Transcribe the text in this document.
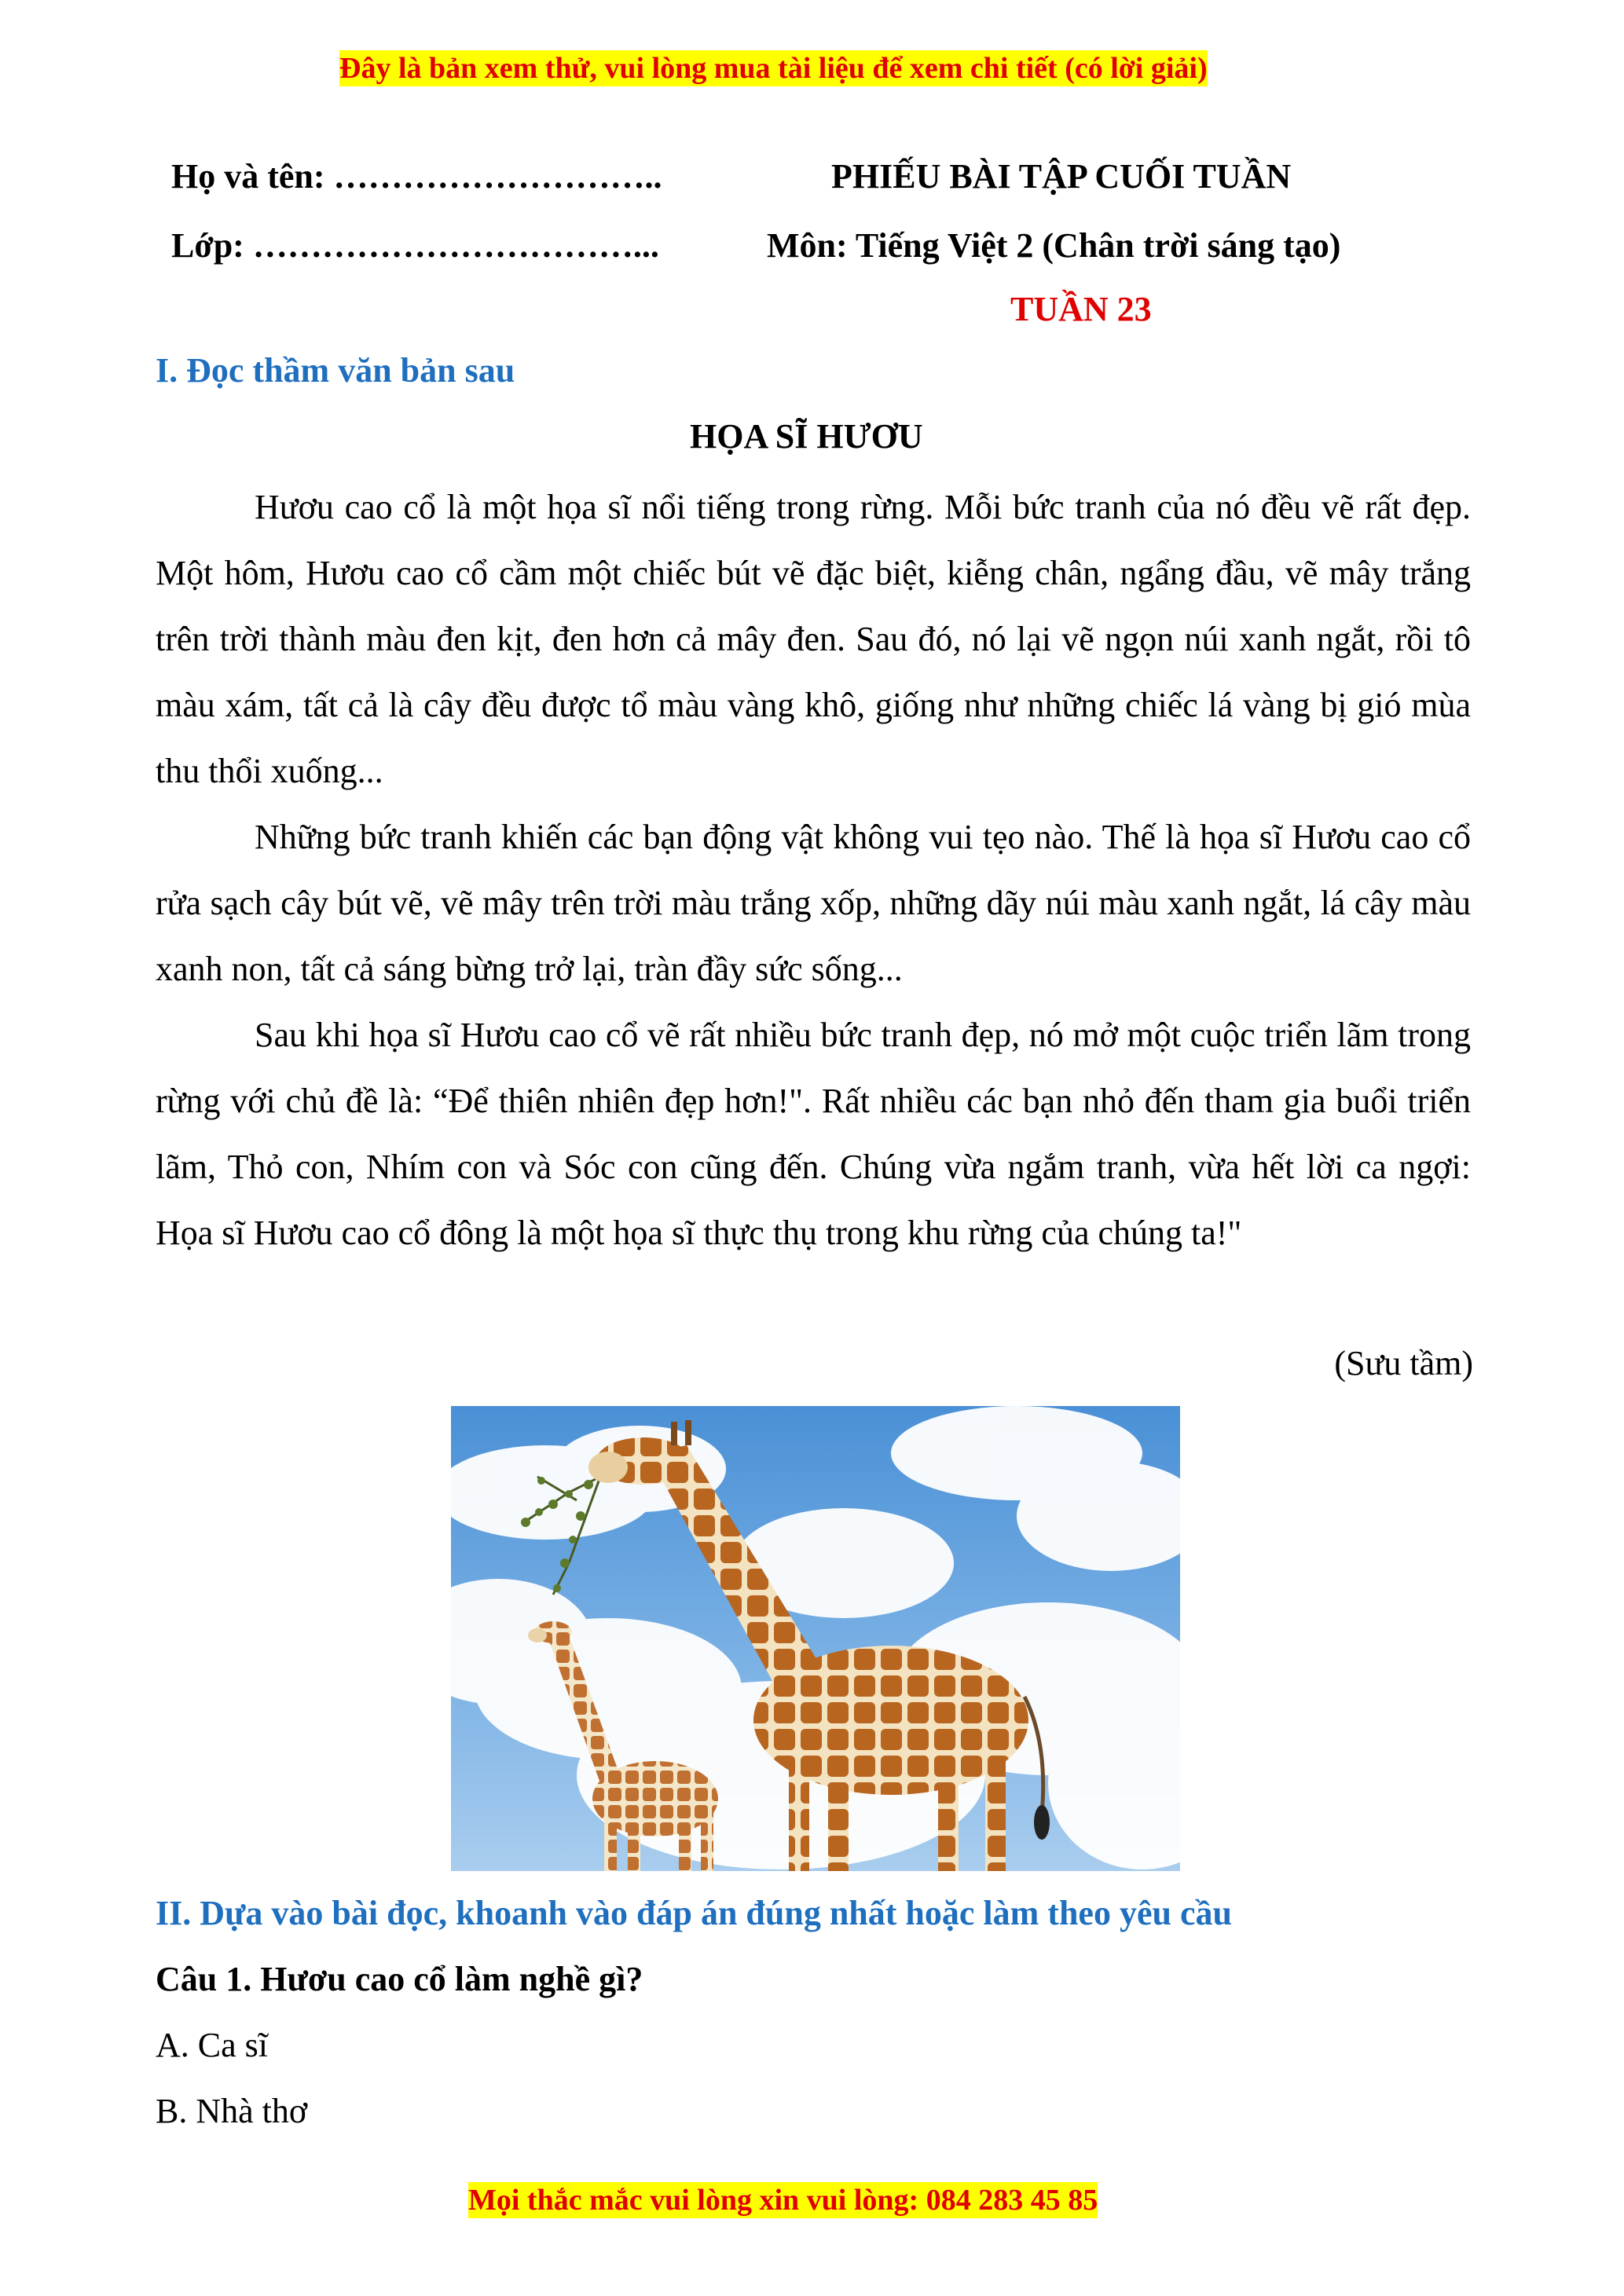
Đây là bản xem thử, vui lòng mua tài liệu để xem chi tiết (có lời giải)
Họ và tên: ………………………..	PHIẾU BÀI TẬP CUỐI TUẦN
Lớp: ……………………………...	Môn: Tiếng Việt 2 (Chân trời sáng tạo)
TUẦN 23
I. Đọc thầm văn bản sau
HỌA SĨ HƯƠU

Hươu cao cổ là một họa sĩ nổi tiếng trong rừng. Mỗi bức tranh của nó đều vẽ rất đẹp. Một hôm, Hươu cao cổ cầm một chiếc bút vẽ đặc biệt, kiễng chân, ngẩng đầu, vẽ mây trắng trên trời thành màu đen kịt, đen hơn cả mây đen. Sau đó, nó lại vẽ ngọn núi xanh ngắt, rồi tô màu xám, tất cả là cây đều được tổ màu vàng khô, giống như những chiếc lá vàng bị gió mùa thu thổi xuống...

Những bức tranh khiến các bạn động vật không vui tẹo nào. Thế là họa sĩ Hươu cao cổ rửa sạch cây bút vẽ, vẽ mây trên trời màu trắng xốp, những dãy núi màu xanh ngắt, lá cây màu xanh non, tất cả sáng bừng trở lại, tràn đầy sức sống...

Sau khi họa sĩ Hươu cao cổ vẽ rất nhiều bức tranh đẹp, nó mở một cuộc triển lãm trong rừng với chủ đề là: “Để thiên nhiên đẹp hơn!". Rất nhiều các bạn nhỏ đến tham gia buổi triển lãm, Thỏ con, Nhím con và Sóc con cũng đến. Chúng vừa ngắm tranh, vừa hết lời ca ngợi: Họa sĩ Hươu cao cổ đông là một họa sĩ thực thụ trong khu rừng của chúng ta!"

(Sưu tầm)
II. Dựa vào bài đọc, khoanh vào đáp án đúng nhất hoặc làm theo yêu cầu
Câu 1. Hươu cao cổ làm nghề gì?
A. Ca sĩ
B. Nhà thơ
Mọi thắc mắc vui lòng xin vui lòng: 084 283 45 85
